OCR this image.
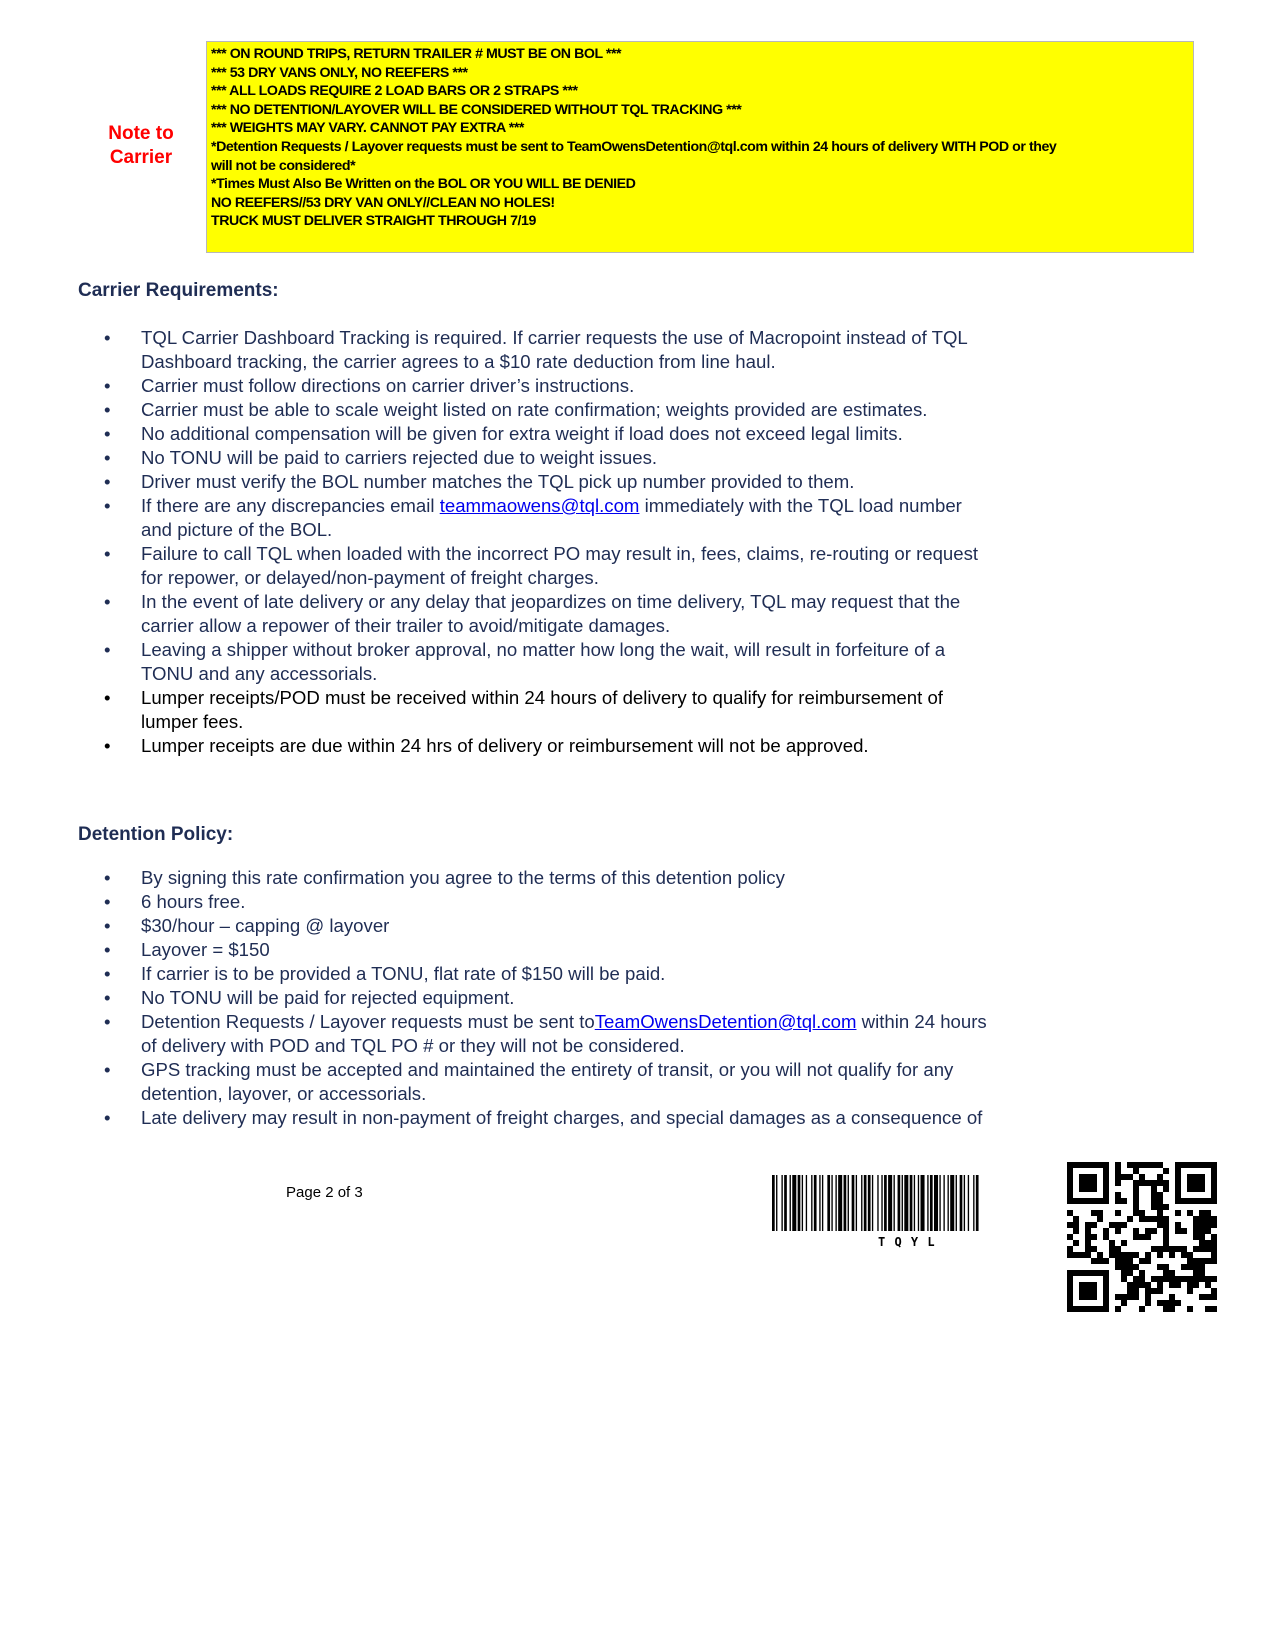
Note to
Carrier
*** ON ROUND TRIPS, RETURN TRAILER # MUST BE ON BOL ***
*** 53 DRY VANS ONLY, NO REEFERS ***
*** ALL LOADS REQUIRE 2 LOAD BARS OR 2 STRAPS ***
*** NO DETENTION/LAYOVER WILL BE CONSIDERED WITHOUT TQL TRACKING ***
*** WEIGHTS MAY VARY. CANNOT PAY EXTRA ***
*Detention Requests / Layover requests must be sent to TeamOwensDetention@tql.com within 24 hours of delivery WITH POD or they
will not be considered*
*Times Must Also Be Written on the BOL OR YOU WILL BE DENIED
NO REEFERS//53 DRY VAN ONLY//CLEAN NO HOLES!
TRUCK MUST DELIVER STRAIGHT THROUGH 7/19
Carrier Requirements:
• TQL Carrier Dashboard Tracking is required. If carrier requests the use of Macropoint instead of TQL
Dashboard tracking, the carrier agrees to a $10 rate deduction from line haul.
• Carrier must follow directions on carrier driver’s instructions.
• Carrier must be able to scale weight listed on rate confirmation; weights provided are estimates.
• No additional compensation will be given for extra weight if load does not exceed legal limits.
• No TONU will be paid to carriers rejected due to weight issues.
• Driver must verify the BOL number matches the TQL pick up number provided to them.
• If there are any discrepancies email teammaowens@tql.com immediately with the TQL load number
and picture of the BOL.
• Failure to call TQL when loaded with the incorrect PO may result in, fees, claims, re-routing or request
for repower, or delayed/non-payment of freight charges.
• In the event of late delivery or any delay that jeopardizes on time delivery, TQL may request that the
carrier allow a repower of their trailer to avoid/mitigate damages.
• Leaving a shipper without broker approval, no matter how long the wait, will result in forfeiture of a
TONU and any accessorials.
• Lumper receipts/POD must be received within 24 hours of delivery to qualify for reimbursement of
lumper fees.
• Lumper receipts are due within 24 hrs of delivery or reimbursement will not be approved.
Detention Policy:
• By signing this rate confirmation you agree to the terms of this detention policy
• 6 hours free.
• $30/hour – capping @ layover
• Layover = $150
• If carrier is to be provided a TONU, flat rate of $150 will be paid.
• No TONU will be paid for rejected equipment.
• Detention Requests / Layover requests must be sent toTeamOwensDetention@tql.com within 24 hours
of delivery with POD and TQL PO # or they will not be considered.
• GPS tracking must be accepted and maintained the entirety of transit, or you will not qualify for any
detention, layover, or accessorials.
• Late delivery may result in non-payment of freight charges, and special damages as a consequence of
Page 2 of 3
T Q Y L
